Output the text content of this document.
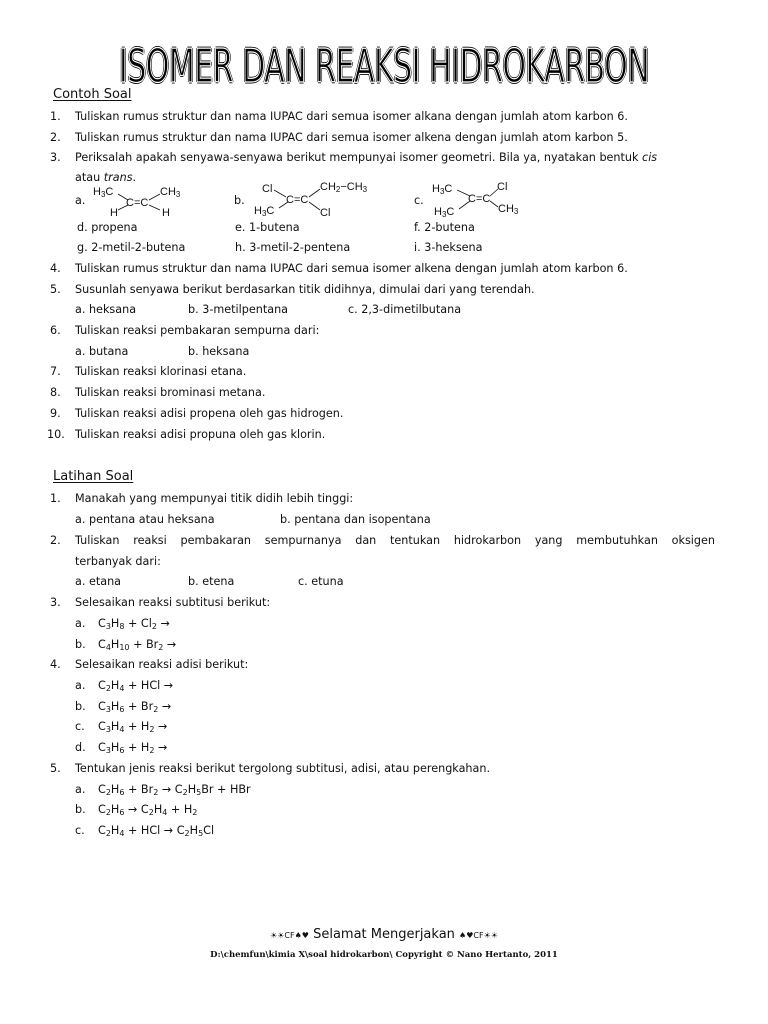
ISOMER DAN REAKSI HIDROKARBON
Contoh Soal
1. Tuliskan rumus struktur dan nama IUPAC dari semua isomer alkana dengan jumlah atom karbon 6.
2. Tuliskan rumus struktur dan nama IUPAC dari semua isomer alkena dengan jumlah atom karbon 5.
3. Periksalah apakah senyawa-senyawa berikut mempunyai isomer geometri. Bila ya, nyatakan bentuk cis
atau trans.
a.
$H_3C$	$CH_3$
C=C
H	H
b.
Cl	$CH_2-CH_3$
C=C
$H_3C$	Cl
c.
$H_3C$	Cl
C=C
$CH_3$
$H_3C$
d. propena	e. 1-butena	f. 2-butena
g. 2-metil-2-butena	h. 3-metil-2-pentena	i. 3-heksena
4. Tuliskan rumus struktur dan nama IUPAC dari semua isomer alkena dengan jumlah atom karbon 6.
5. Susunlah senyawa berikut berdasarkan titik didihnya, dimulai dari yang terendah.
a. heksana	b. 3-metilpentana	c. 2,3-dimetilbutana
6. Tuliskan reaksi pembakaran sempurna dari:
a. butana	b. heksana
7. Tuliskan reaksi klorinasi etana.
8. Tuliskan reaksi brominasi metana.
9. Tuliskan reaksi adisi propena oleh gas hidrogen.
10. Tuliskan reaksi adisi propuna oleh gas klorin.
Latihan Soal
1. Manakah yang mempunyai titik didih lebih tinggi:
a. pentana atau heksana	b. pentana dan isopentana
2. Tuliskan reaksi pembakaran sempurnanya dan tentukan hidrokarbon yang membutuhkan oksigen
terbanyak dari:
a. etana	b. etena	c. etuna
3. Selesaikan reaksi subtitusi berikut:
a. $C_3H_8 + Cl_2$ →
b. $C_4H_{10} + Br_2$ →
4. Selesaikan reaksi adisi berikut:
a. $C_2H_4$ + HCl →
b. $C_3H_6 + Br_2$ →
c. $C_3H_4 + H_2$ →
d. $C_3H_6 + H_2$ →
5. Tentukan jenis reaksi berikut tergolong subtitusi, adisi, atau perengkahan.
a. $C_2H_6 + Br_2 \to C_2H_5Br$ + HBr
b. $C_2H_6 \to C_2H_4 + H_2$
c. $C_2H_4$ + HCl → $C_2H_5Cl$
☀☀CF♠♥ Selamat Mengerjakan ♠♥CF☀☀
D:\chemfun\kimia X\soal hidrokarbon\ Copyright © Nano Hertanto, 2011
